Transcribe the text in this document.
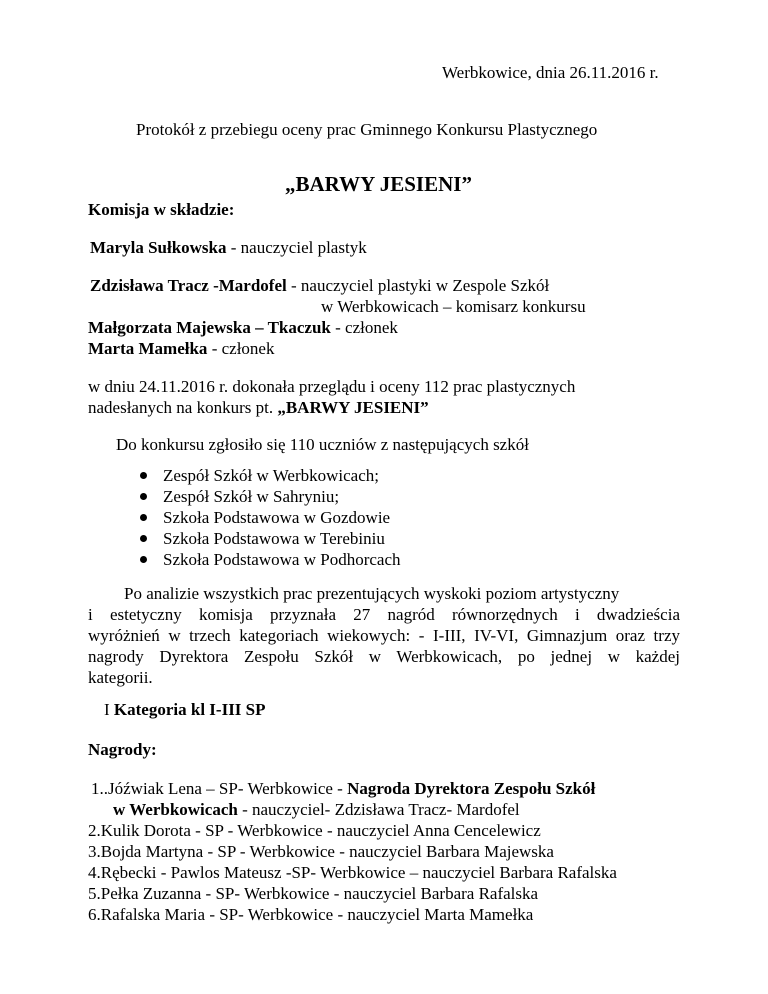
Werbkowice, dnia 26.11.2016 r.
Protokół z przebiegu oceny prac Gminnego Konkursu Plastycznego
„BARWY JESIENI”
Komisja w składzie:
Maryla Sułkowska - nauczyciel plastyk
Zdzisława Tracz -Mardofel - nauczyciel plastyki w Zespole Szkół
w Werbkowicach – komisarz konkursu
Małgorzata Majewska – Tkaczuk - członek
Marta Mamełka - członek
w dniu 24.11.2016 r. dokonała przeglądu i oceny 112 prac plastycznych
nadesłanych na konkurs pt. „BARWY JESIENI”
Do konkursu zgłosiło się 110 uczniów z następujących szkół
Zespół Szkół w Werbkowicach;
Zespół Szkół w Sahryniu;
Szkoła Podstawowa w Gozdowie
Szkoła Podstawowa w Terebiniu
Szkoła Podstawowa w Podhorcach
Po analizie wszystkich prac prezentujących wyskoki poziom artystyczny
i estetyczny komisja przyznała 27 nagród równorzędnych i dwadzieścia
wyróżnień w trzech kategoriach wiekowych: - I-III, IV-VI, Gimnazjum oraz trzy
nagrody Dyrektora Zespołu Szkół w Werbkowicach, po jednej w każdej
kategorii.
I Kategoria kl I-III SP
Nagrody:
1..Jóźwiak Lena – SP- Werbkowice - Nagroda Dyrektora Zespołu Szkół
w Werbkowicach - nauczyciel- Zdzisława Tracz- Mardofel
2.Kulik Dorota - SP - Werbkowice - nauczyciel Anna Cencelewicz
3.Bojda Martyna - SP - Werbkowice - nauczyciel Barbara Majewska
4.Rębecki - Pawlos Mateusz -SP- Werbkowice – nauczyciel Barbara Rafalska
5.Pełka Zuzanna - SP- Werbkowice - nauczyciel Barbara Rafalska
6.Rafalska Maria - SP- Werbkowice - nauczyciel Marta Mamełka
